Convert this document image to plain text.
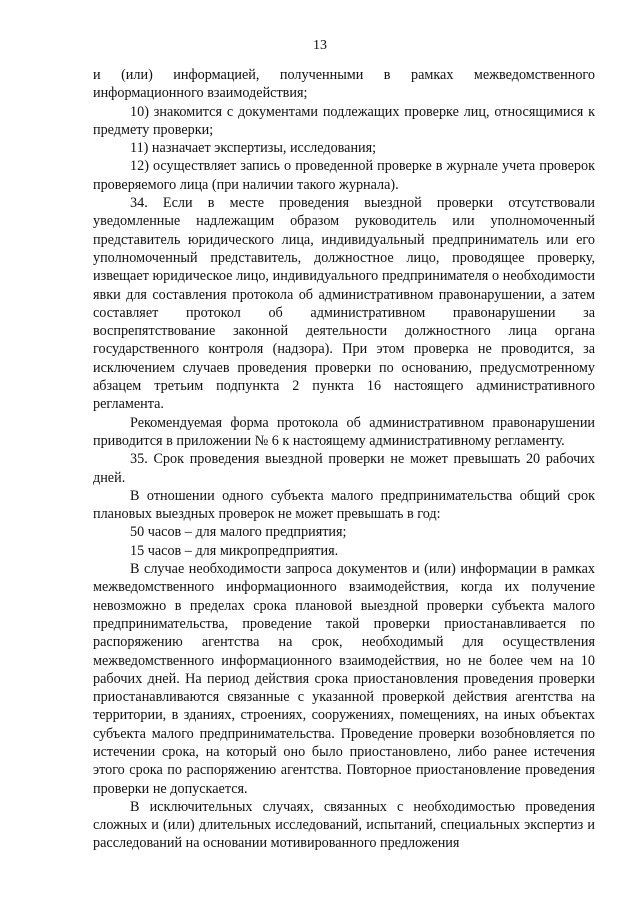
13

и (или) информацией, полученными в рамках межведомственного информационного взаимодействия;

10) знакомится с документами подлежащих проверке лиц, относящимися к предмету проверки;

11) назначает экспертизы, исследования;

12) осуществляет запись о проведенной проверке в журнале учета проверок проверяемого лица (при наличии такого журнала).

34. Если в месте проведения выездной проверки отсутствовали уведомленные надлежащим образом руководитель или уполномоченный представитель юридического лица, индивидуальный предприниматель или его уполномоченный представитель, должностное лицо, проводящее проверку, извещает юридическое лицо, индивидуального предпринимателя о необходимости явки для составления протокола об административном правонарушении, а затем составляет протокол об административном правонарушении за воспрепятствование законной деятельности должностного лица органа государственного контроля (надзора). При этом проверка не проводится, за исключением случаев проведения проверки по основанию, предусмотренному абзацем третьим подпункта 2 пункта 16 настоящего административного регламента.

Рекомендуемая форма протокола об административном правонарушении приводится в приложении № 6 к настоящему административному регламенту.

35. Срок проведения выездной проверки не может превышать 20 рабочих дней.

В отношении одного субъекта малого предпринимательства общий срок плановых выездных проверок не может превышать в год:

50 часов – для малого предприятия;

15 часов – для микропредприятия.

В случае необходимости запроса документов и (или) информации в рамках межведомственного информационного взаимодействия, когда их получение невозможно в пределах срока плановой выездной проверки субъекта малого предпринимательства, проведение такой проверки приостанавливается по распоряжению агентства на срок, необходимый для осуществления межведомственного информационного взаимодействия, но не более чем на 10 рабочих дней. На период действия срока приостановления проведения проверки приостанавливаются связанные с указанной проверкой действия агентства на территории, в зданиях, строениях, сооружениях, помещениях, на иных объектах субъекта малого предпринимательства. Проведение проверки возобновляется по истечении срока, на который оно было приостановлено, либо ранее истечения этого срока по распоряжению агентства. Повторное приостановление проведения проверки не допускается.

В исключительных случаях, связанных с необходимостью проведения сложных и (или) длительных исследований, испытаний, специальных экспертиз и расследований на основании мотивированного предложения
